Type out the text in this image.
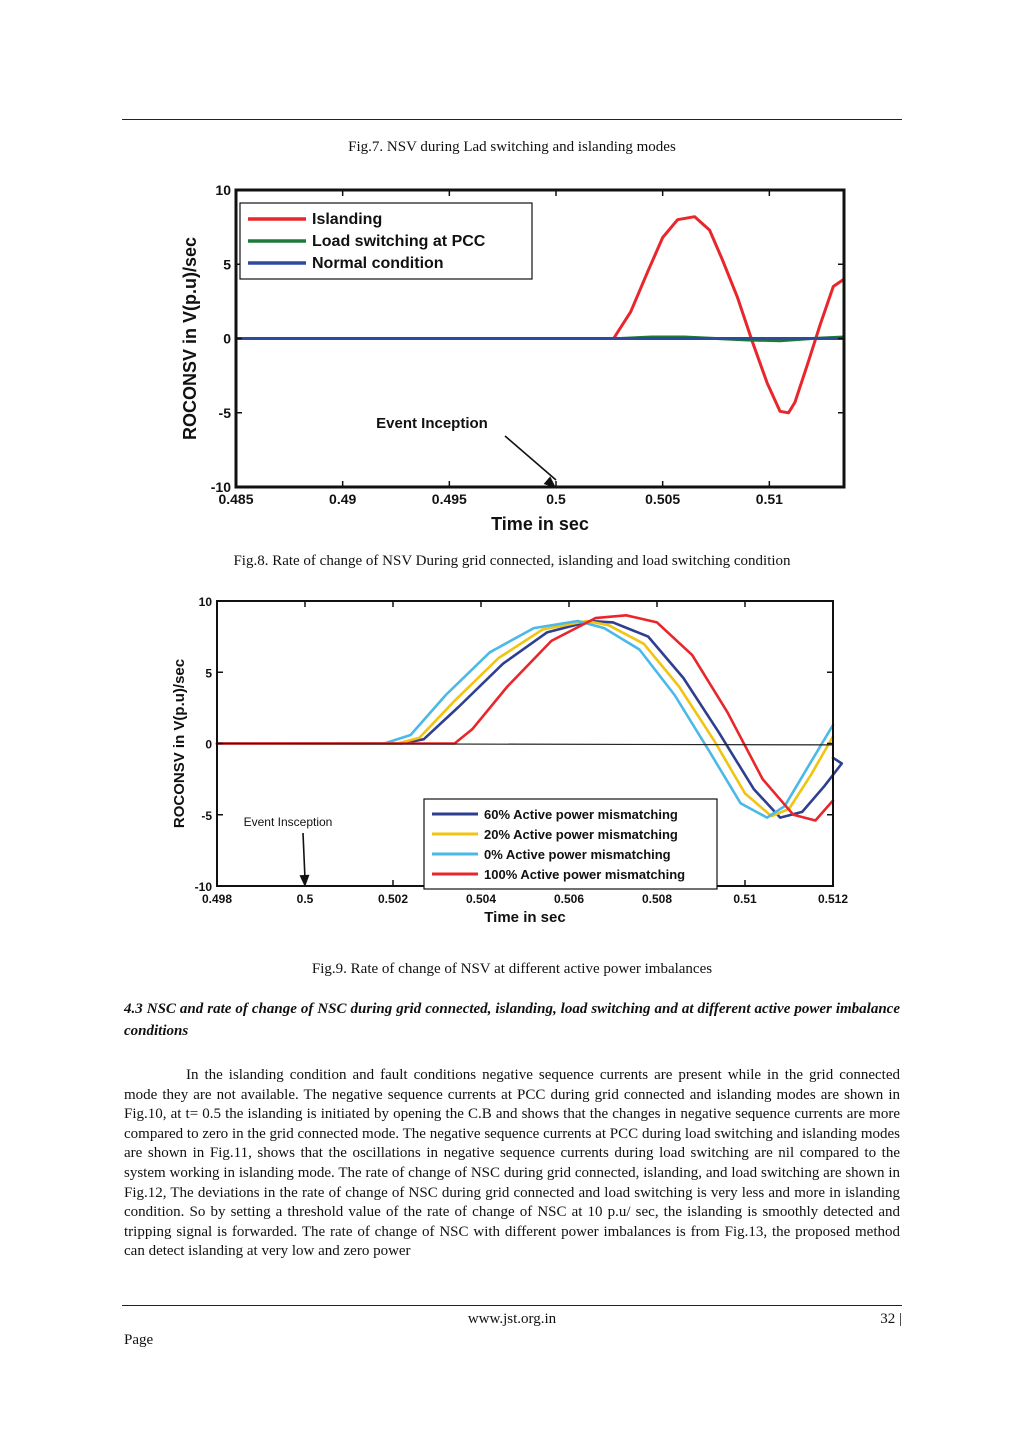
Fig.7. NSV during Lad switching and islanding modes
0.485	0.49	0.495	0.5	0.505	0.51
-10
-5
0
5
10
Time in sec
ROCONSV in V(p.u)/sec	Event Inception
Islanding
Load switching at PCC
Normal condition
Fig.8. Rate of change of NSV During grid connected, islanding and load switching condition
0.498	0.5	0.502	0.504	0.506	0.508	0.51	0.512
-10
-5
0
5
10
Time in sec
ROCONSV in V(p.u)/sec	Event Insception	60% Active power mismatching
20% Active power mismatching
0% Active power mismatching
100% Active power mismatching
Fig.9. Rate of change of NSV at different active power imbalances
4.3 NSC and rate of change of NSC during grid connected, islanding, load switching and at different active power imbalance conditions

In the islanding condition and fault conditions negative sequence currents are present while in the grid connected mode they are not available. The negative sequence currents at PCC during grid connected and islanding modes are shown in Fig.10, at t= 0.5 the islanding is initiated by opening the C.B and shows that the changes in negative sequence currents are more compared to zero in the grid connected mode. The negative sequence currents at PCC during load switching and islanding modes are shown in Fig.11, shows that the oscillations in negative sequence currents during load switching are nil compared to the system working in islanding mode. The rate of change of NSC during grid connected, islanding, and load switching are shown in Fig.12, The deviations in the rate of change of NSC during grid connected and load switching is very less and more in islanding condition. So by setting a threshold value of the rate of change of NSC at 10 p.u/ sec, the islanding is smoothly detected and tripping signal is forwarded. The rate of change of NSC with different power imbalances is from Fig.13, the proposed method can detect islanding at very low and zero power

www.jst.org.in	32 |
Page
